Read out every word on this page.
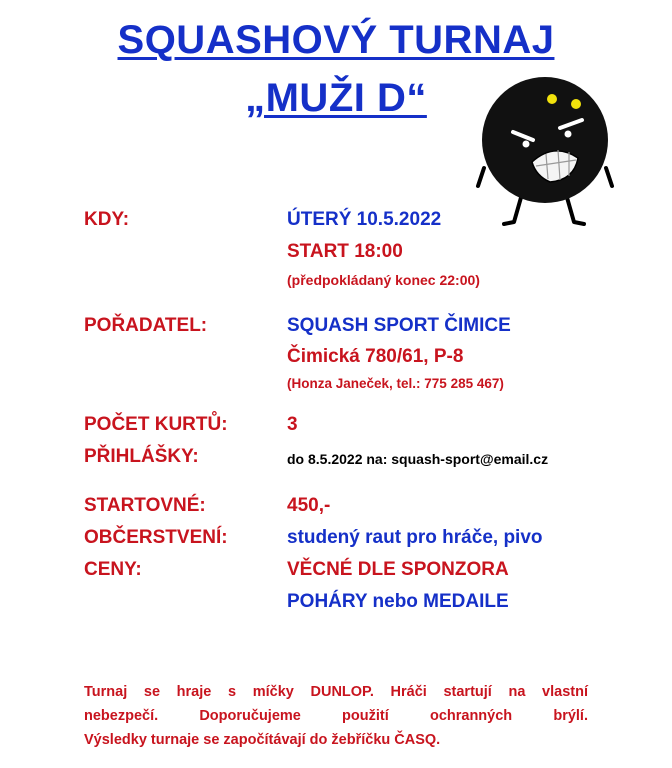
SQUASHOVÝ TURNAJ
„MUŽI D“
KDY:	ÚTERÝ 10.5.2022
START 18:00
(předpokládaný konec 22:00)
POŘADATEL:	SQUASH SPORT ČIMICE
Čimická 780/61, P-8
(Honza Janeček, tel.: 775 285 467)
POČET KURTŮ:	3
PŘIHLÁŠKY:	do 8.5.2022 na: squash-sport@email.cz
STARTOVNÉ:	450,-
OBČERSTVENÍ:	studený raut pro hráče, pivo
CENY:	VĚCNÉ DLE SPONZORA
POHÁRY nebo MEDAILE
Turnaj se hraje s míčky DUNLOP. Hráči startují na vlastní
nebezpečí. Doporučujeme použití ochranných brýlí.
Výsledky turnaje se započítávají do žebříčku ČASQ.
